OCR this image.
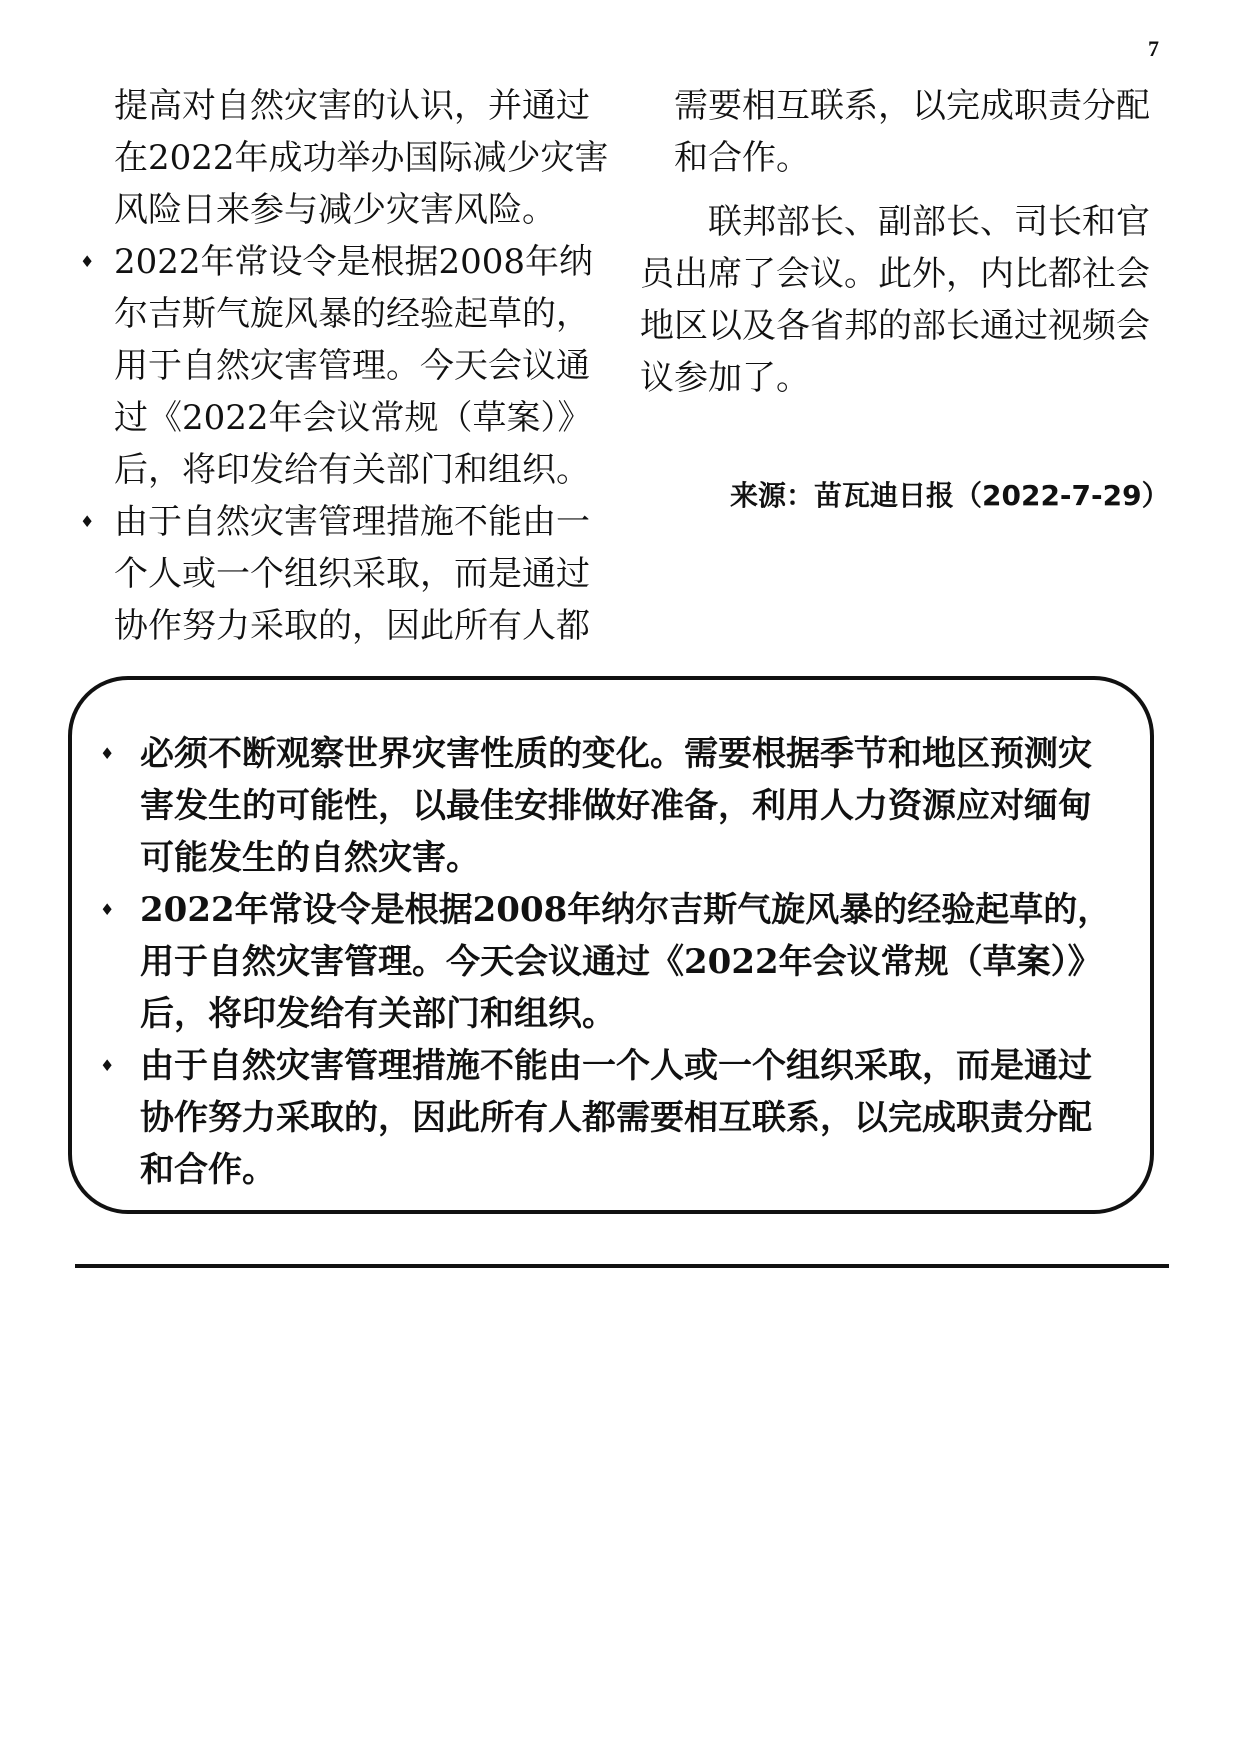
7

提高对自然灾害的认识，并通过在2022年成功举办国际减少灾害风险日来参与减少灾害风险。

♦ 2022年常设令是根据2008年纳尔吉斯气旋风暴的经验起草的，用于自然灾害管理。今天会议通过《2022年会议常规（草案）》后，将印发给有关部门和组织。

♦ 由于自然灾害管理措施不能由一个人或一个组织采取，而是通过协作努力采取的，因此所有人都

需要相互联系，以完成职责分配和合作。

联邦部长、副部长、司长和官员出席了会议。此外，内比都社会地区以及各省邦的部长通过视频会议参加了。

来源：苗瓦迪日报（2022-7-29）

♦ 必须不断观察世界灾害性质的变化。需要根据季节和地区预测灾害发生的可能性，以最佳安排做好准备，利用人力资源应对缅甸可能发生的自然灾害。

♦ 2022年常设令是根据2008年纳尔吉斯气旋风暴的经验起草的，用于自然灾害管理。今天会议通过《2022年会议常规（草案）》后，将印发给有关部门和组织。

♦ 由于自然灾害管理措施不能由一个人或一个组织采取，而是通过协作努力采取的，因此所有人都需要相互联系，以完成职责分配和合作。
